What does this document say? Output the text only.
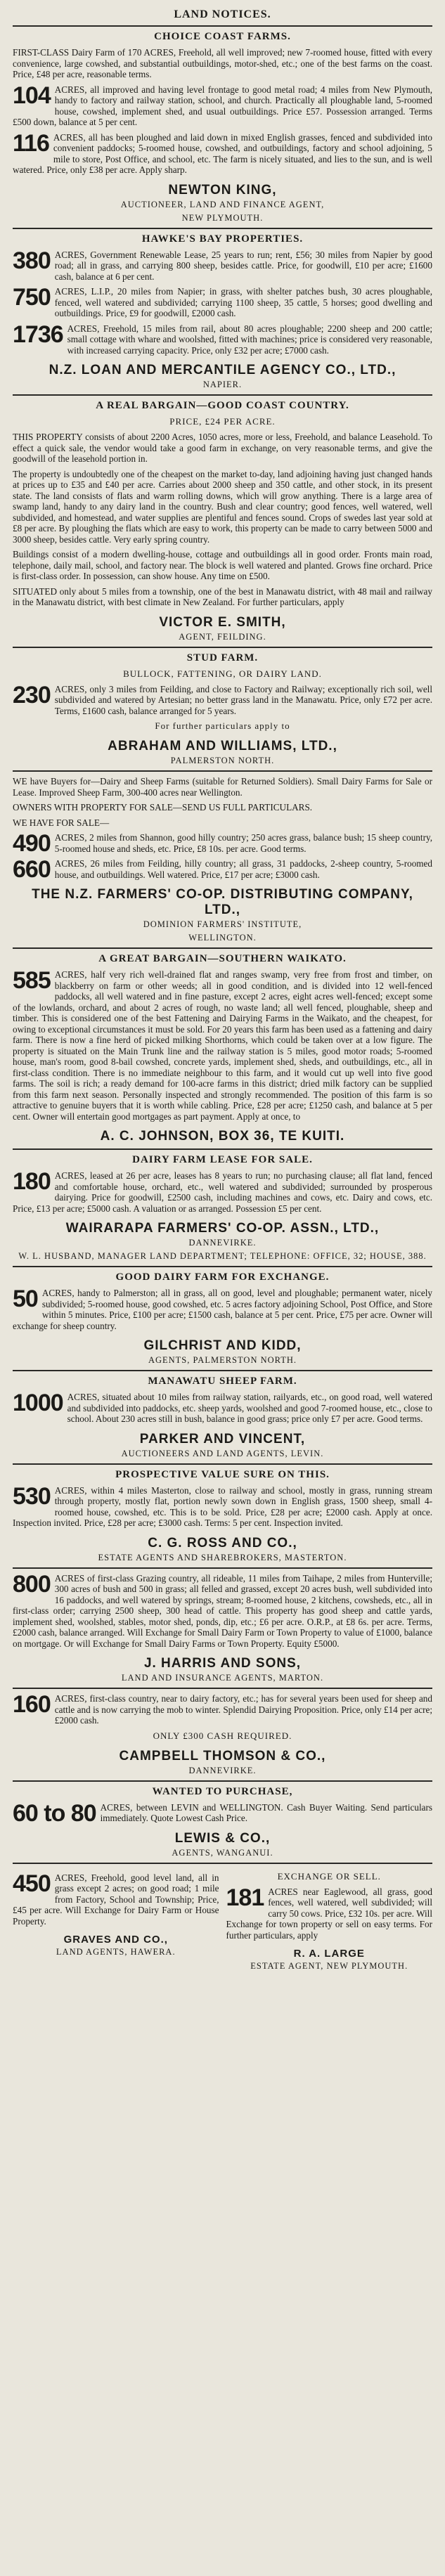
LAND NOTICES.
CHOICE COAST FARMS.

FIRST-CLASS Dairy Farm of 170 ACRES, Freehold, all well improved; new 7-roomed house, fitted with every convenience, large cowshed, and substantial outbuildings, motor-shed, etc.; one of the best farms on the coast. Price, £48 per acre, reasonable terms.

104 ACRES, all improved and having level frontage to good metal road; 4 miles from New Plymouth, handy to factory and railway station, school, and church. Practically all ploughable land, 5-roomed house, cowshed, implement shed, and usual outbuildings. Price £57. Possession arranged. Terms £500 down, balance at 5 per cent.

116 ACRES, all has been ploughed and laid down in mixed English grasses, fenced and subdivided into convenient paddocks; 5-roomed house, cowshed, and outbuildings, factory and school adjoining, 5 mile to store, Post Office, and school, etc. The farm is nicely situated, and lies to the sun, and is well watered. Price, only £38 per acre. Apply sharp.

NEWTON KING,
AUCTIONEER, LAND AND FINANCE AGENT,
NEW PLYMOUTH.
HAWKE'S BAY PROPERTIES.
380 ACRES, Government Renewable Lease, 25 years to run; rent, £56; 30 miles from Napier by good road; all in grass, and carrying 800 sheep, besides cattle. Price, for goodwill, £10 per acre; £1600 cash, balance at 6 per cent.

750 ACRES, L.I.P., 20 miles from Napier; in grass, with shelter patches bush, 30 acres ploughable, fenced, well watered and subdivided; carrying 1100 sheep, 35 cattle, 5 horses; good dwelling and outbuildings. Price, £9 for goodwill, £2000 cash.

1736 ACRES, Freehold, 15 miles from rail, about 80 acres ploughable; 2200 sheep and 200 cattle; small cottage with whare and woolshed, fitted with machines; price is considered very reasonable, with increased carrying capacity. Price, only £32 per acre; £7000 cash.

N.Z. LOAN AND MERCANTILE AGENCY CO., LTD.,
NAPIER.
A REAL BARGAIN—GOOD COAST COUNTRY.
PRICE, £24 PER ACRE.

THIS PROPERTY consists of about 2200 Acres, 1050 acres, more or less, Freehold, and balance Leasehold. To effect a quick sale, the vendor would take a good farm in exchange, on very reasonable terms, and give the goodwill of the leasehold portion in.

The property is undoubtedly one of the cheapest on the market to-day, land adjoining having just changed hands at prices up to £35 and £40 per acre. Carries about 2000 sheep and 350 cattle, and other stock, in its present state. The land consists of flats and warm rolling downs, which will grow anything. There is a large area of swamp land, handy to any dairy land in the country. Bush and clear country; good fences, well watered, well subdivided, and homestead, and water supplies are plentiful and fences sound. Crops of swedes last year sold at £8 per acre. By ploughing the flats which are easy to work, this property can be made to carry between 5000 and 3000 sheep, besides cattle. Very early spring country.

Buildings consist of a modern dwelling-house, cottage and outbuildings all in good order. Fronts main road, telephone, daily mail, school, and factory near. The block is well watered and planted. Grows fine orchard. Price is first-class order. In possession, can show house. Any time on £500.

SITUATED only about 5 miles from a township, one of the best in Manawatu district, with 48 mail and railway in the Manawatu district, with best climate in New Zealand. For further particulars, apply

VICTOR E. SMITH,
AGENT, FEILDING.
STUD FARM.
BULLOCK, FATTENING, OR DAIRY LAND.
230 ACRES, only 3 miles from Feilding, and close to Factory and Railway; exceptionally rich soil, well subdivided and watered by Artesian; no better grass land in the Manawatu. Price, only £72 per acre. Terms, £1600 cash, balance arranged for 5 years.

For further particulars apply to
ABRAHAM AND WILLIAMS, LTD.,
PALMERSTON NORTH.

WE have Buyers for—Dairy and Sheep Farms (suitable for Returned Soldiers). Small Dairy Farms for Sale or Lease. Improved Sheep Farm, 300-400 acres near Wellington.

OWNERS WITH PROPERTY FOR SALE—SEND US FULL PARTICULARS.

WE HAVE FOR SALE—

490 ACRES, 2 miles from Shannon, good hilly country; 250 acres grass, balance bush; 15 sheep country, 5-roomed house and sheds, etc. Price, £8 10s. per acre. Good terms.

660 ACRES, 26 miles from Feilding, hilly country; all grass, 31 paddocks, 2-sheep country, 5-roomed house, and outbuildings. Well watered. Price, £17 per acre; £3000 cash.

THE N.Z. FARMERS' CO-OP. DISTRIBUTING COMPANY, LTD.,
DOMINION FARMERS' INSTITUTE,
WELLINGTON.
A GREAT BARGAIN—SOUTHERN WAIKATO.
585 ACRES, half very rich well-drained flat and ranges swamp, very free from frost and timber, on blackberry on farm or other weeds; all in good condition, and is divided into 12 well-fenced paddocks, all well watered and in fine pasture, except 2 acres, eight acres well-fenced; except some of the lowlands, orchard, and about 2 acres of rough, no waste land; all well fenced, ploughable, sheep and timber. This is considered one of the best Fattening and Dairying Farms in the Waikato, and the cheapest, for owing to exceptional circumstances it must be sold. For 20 years this farm has been used as a fattening and dairy farm. There is now a fine herd of picked milking Shorthorns, which could be taken over at a low figure. The property is situated on the Main Trunk line and the railway station is 5 miles, good motor roads; 5-roomed house, man's room, good 8-bail cowshed, concrete yards, implement shed, sheds, and outbuildings, etc., all in first-class condition. There is no immediate neighbour to this farm, and it would cut up well into five good farms. The soil is rich; a ready demand for 100-acre farms in this district; dried milk factory can be supplied from this farm next season. Personally inspected and strongly recommended. The position of this farm is so attractive to genuine buyers that it is worth while cabling. Price, £28 per acre; £1250 cash, and balance at 5 per cent. Owner will entertain good mortgages as part payment. Apply at once, to

A. C. JOHNSON, BOX 36, TE KUITI.
DAIRY FARM LEASE FOR SALE.
180 ACRES, leased at 26 per acre, leases has 8 years to run; no purchasing clause; all flat land, fenced and comfortable house, orchard, etc., well watered and subdivided; surrounded by prosperous dairying. Price for goodwill, £2500 cash, including machines and cows, etc. Dairy and cows, etc. Price, £13 per acre; £5000 cash. A valuation or as arranged. Possession £5 per cent.

WAIRARAPA FARMERS' CO-OP. ASSN., LTD.,
DANNEVIRKE.
W. L. HUSBAND, MANAGER LAND DEPARTMENT; TELEPHONE: OFFICE, 32; HOUSE, 388.
GOOD DAIRY FARM FOR EXCHANGE.
50 ACRES, handy to Palmerston; all in grass, all on good, level and ploughable; permanent water, nicely subdivided; 5-roomed house, good cowshed, etc. 5 acres factory adjoining School, Post Office, and Store within 5 minutes. Price, £100 per acre; £1500 cash, balance at 5 per cent. Price, £75 per acre. Owner will exchange for sheep country.

GILCHRIST AND KIDD,
AGENTS, PALMERSTON NORTH.
MANAWATU SHEEP FARM.
1000 ACRES, situated about 10 miles from railway station, railyards, etc., on good road, well watered and subdivided into paddocks, etc. sheep yards, woolshed and good 7-roomed house, etc., close to school. About 230 acres still in bush, balance in good grass; price only £7 per acre. Good terms.

PARKER AND VINCENT,
AUCTIONEERS AND LAND AGENTS, LEVIN.
PROSPECTIVE VALUE SURE ON THIS.
530 ACRES, within 4 miles Masterton, close to railway and school, mostly in grass, running stream through property, mostly flat, portion newly sown down in English grass, 1500 sheep, small 4-roomed house, cowshed, etc. This is to be sold. Price, £28 per acre; £2000 cash. Apply at once. Inspection invited. Price, £28 per acre; £3000 cash. Terms: 5 per cent. Inspection invited.

C. G. ROSS AND CO.,
ESTATE AGENTS AND SHAREBROKERS, MASTERTON.
800 ACRES of first-class Grazing country, all rideable, 11 miles from Taihape, 2 miles from Hunterville; 300 acres of bush and 500 in grass; all felled and grassed, except 20 acres bush, well subdivided into 16 paddocks, and well watered by springs, stream; 8-roomed house, 2 kitchens, cowsheds, etc., all in first-class order; carrying 2500 sheep, 300 head of cattle. This property has good sheep and cattle yards, implement shed, woolshed, stables, motor shed, ponds, dip, etc.; £6 per acre. O.R.P., at £8 6s. per acre. Terms, £2000 cash, balance arranged. Will Exchange for Small Dairy Farm or Town Property to value of £1000, balance on mortgage. Or will Exchange for Small Dairy Farms or Town Property. Equity £5000.

J. HARRIS AND SONS,
LAND AND INSURANCE AGENTS, MARTON.
160 ACRES, first-class country, near to dairy factory, etc.; has for several years been used for sheep and cattle and is now carrying the mob to winter. Splendid Dairying Proposition. Price, only £14 per acre; £2000 cash.

ONLY £300 CASH REQUIRED.
CAMPBELL THOMSON & CO.,
DANNEVIRKE.
WANTED TO PURCHASE,
60 to 80 ACRES, between LEVIN and WELLINGTON. Cash Buyer Waiting. Send particulars immediately. Quote Lowest Cash Price.

LEWIS & CO.,
AGENTS, WANGANUI.
450 ACRES, Freehold, good level land, all in grass except 2 acres; on good road; 1 mile from Factory, School and Township; Price, £45 per acre. Will Exchange for Dairy Farm or House Property.

GRAVES AND CO.,
LAND AGENTS, HAWERA.
EXCHANGE OR SELL.
181 ACRES near Eaglewood, all grass, good fences, well watered, well subdivided; will carry 50 cows. Price, £32 10s. per acre. Will Exchange for town property or sell on easy terms. For further particulars, apply

R. A. LARGE
ESTATE AGENT, NEW PLYMOUTH.
